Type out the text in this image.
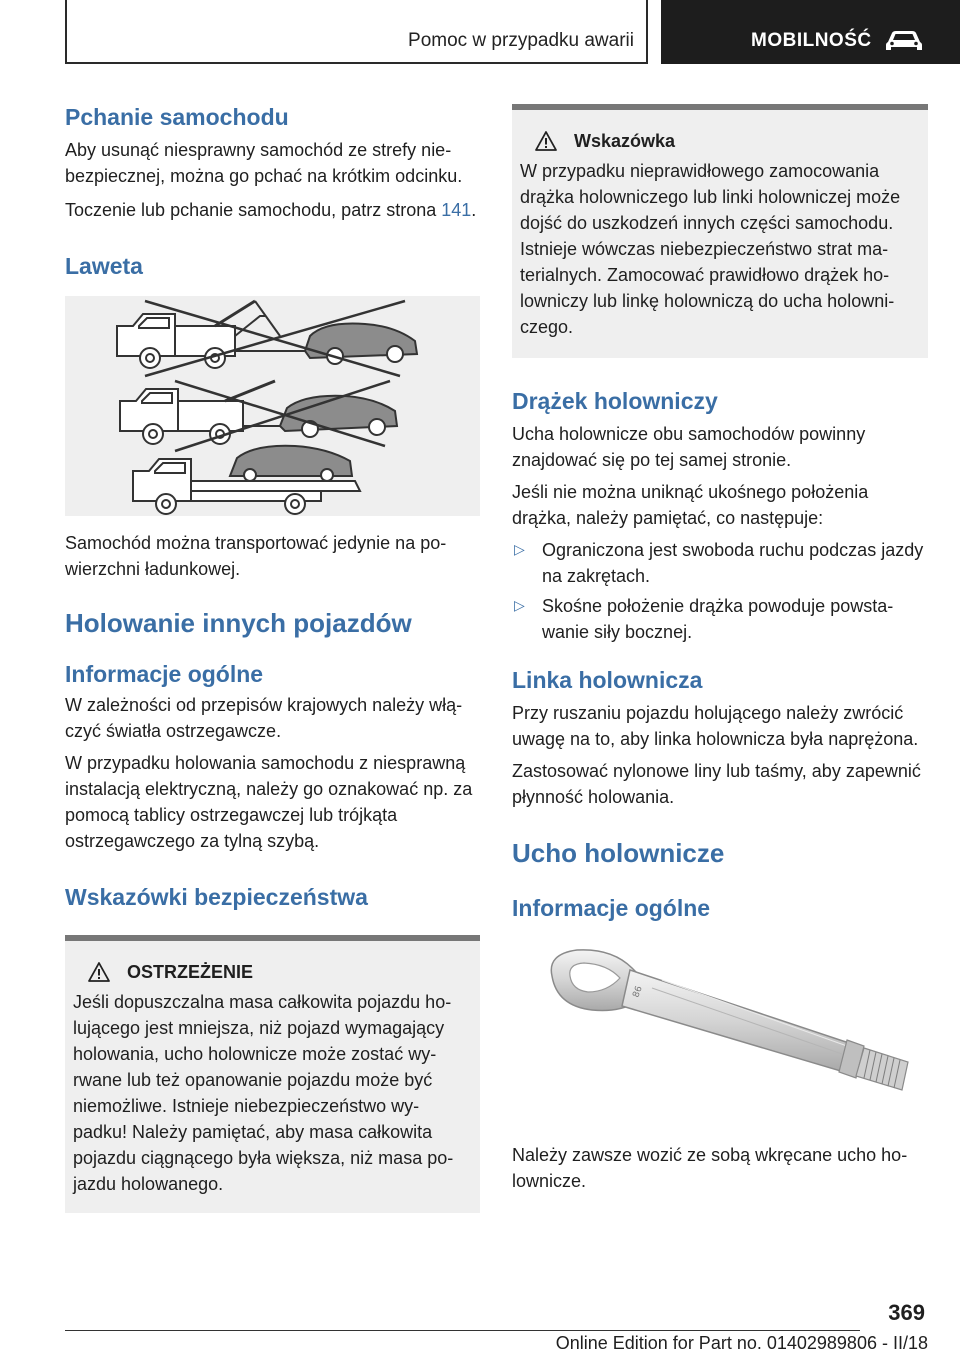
Pomoc w przypadku awarii	MOBILNOŚĆ
Pchanie samochodu

Aby usunąć niesprawny samochód ze strefy niebezpiecznej, można go pchać na krótkim odcinku.

Toczenie lub pchanie samochodu, patrz strona 141.

Laweta

Samochód można transportować jedynie na powierzchni ładunkowej.

Holowanie innych pojazdów
Informacje ogólne

W zależności od przepisów krajowych należy włączyć światła ostrzegawcze.

W przypadku holowania samochodu z niesprawną instalacją elektryczną, należy go oznakować np. za pomocą tablicy ostrzegawczej lub trójkąta ostrzegawczego za tylną szybą.

Wskazówki bezpieczeństwa
OSTRZEŻENIE

Jeśli dopuszczalna masa całkowita pojazdu holującego jest mniejsza, niż pojazd wymagający holowania, ucho holownicze może zostać wyrwane lub też opanowanie pojazdu może być niemożliwe. Istnieje niebezpieczeństwo wypadku! Należy pamiętać, aby masa całkowita pojazdu ciągnącego była większa, niż masa pojazdu holowanego.

Wskazówka

W przypadku nieprawidłowego zamocowania drążka holowniczego lub linki holowniczej może dojść do uszkodzeń innych części samochodu. Istnieje wówczas niebezpieczeństwo strat materialnych. Zamocować prawidłowo drążek holowniczy lub linkę holowniczą do ucha holowniczego.

Drążek holowniczy

Ucha holownicze obu samochodów powinny znajdować się po tej samej stronie.

Jeśli nie można uniknąć ukośnego położenia drążka, należy pamiętać, co następuje:

▷ Ograniczona jest swoboda ruchu podczas jazdy na zakrętach.

▷ Skośne położenie drążka powoduje powstawanie siły bocznej.

Linka holownicza

Przy ruszaniu pojazdu holującego należy zwrócić uwagę na to, aby linka holownicza była naprężona.

Zastosować nylonowe liny lub taśmy, aby zapewnić płynność holowania.

Ucho holownicze
Informacje ogólne
86

Należy zawsze wozić ze sobą wkręcane ucho holownicze.

369
Online Edition for Part no. 01402989806 - II/18
